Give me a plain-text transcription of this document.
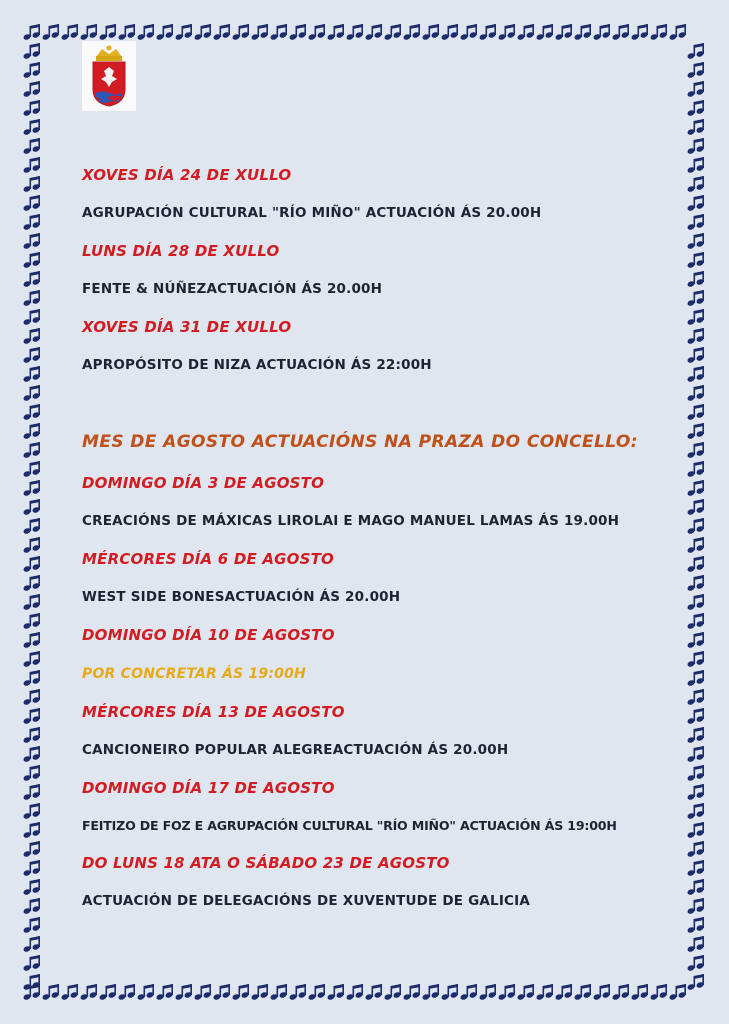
XOVES DÍA 24 DE XULLO
AGRUPACIÓN CULTURAL "RÍO MIÑO" ACTUACIÓN ÁS 20.00H
LUNS DÍA 28 DE XULLO
FENTE & NÚÑEZACTUACIÓN ÁS 20.00H
XOVES DÍA 31 DE XULLO
APROPÓSITO DE NIZA ACTUACIÓN ÁS 22:00H
MES DE AGOSTO ACTUACIÓNS NA PRAZA DO CONCELLO:
DOMINGO DÍA 3 DE AGOSTO
CREACIÓNS DE MÁXICAS LIROLAI E MAGO MANUEL LAMAS ÁS 19.00H
MÉRCORES DÍA 6 DE AGOSTO
WEST SIDE BONESACTUACIÓN ÁS 20.00H
DOMINGO DÍA 10 DE AGOSTO
POR CONCRETAR ÁS 19:00H
MÉRCORES DÍA 13 DE AGOSTO
CANCIONEIRO POPULAR ALEGREACTUACIÓN ÁS 20.00H
DOMINGO DÍA 17 DE AGOSTO
FEITIZO DE FOZ E AGRUPACIÓN CULTURAL "RÍO MIÑO" ACTUACIÓN ÁS 19:00H
DO LUNS 18 ATA O SÁBADO 23 DE AGOSTO
ACTUACIÓN DE DELEGACIÓNS DE XUVENTUDE DE GALICIA
